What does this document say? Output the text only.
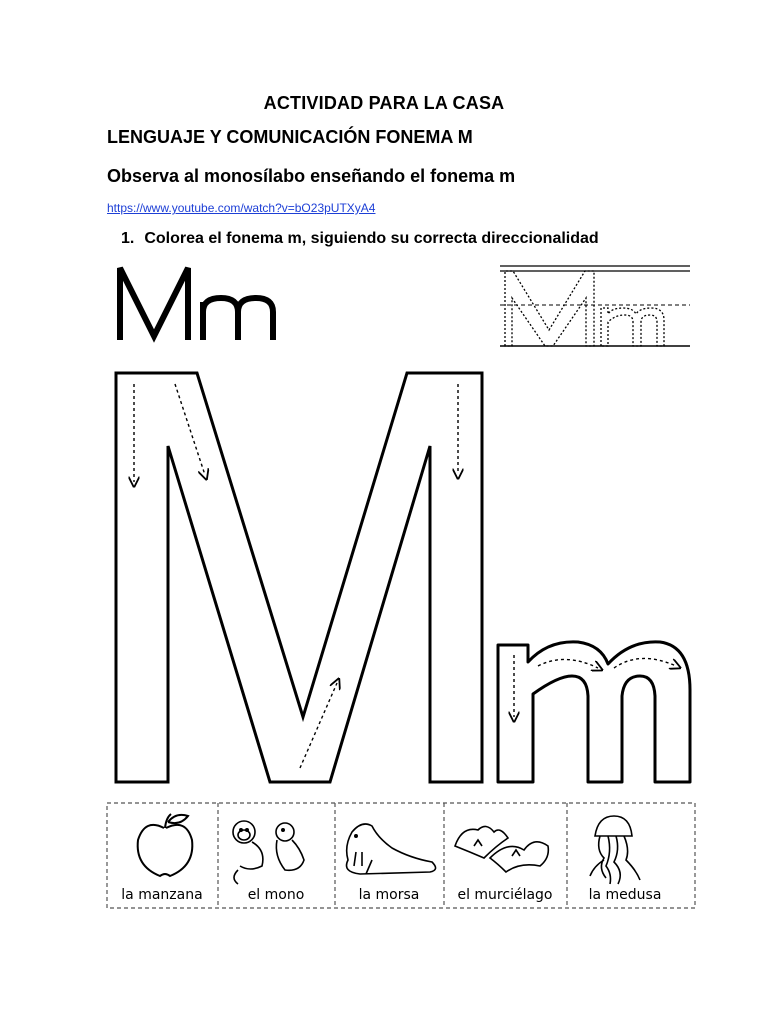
ACTIVIDAD PARA LA CASA
LENGUAJE Y COMUNICACIÓN FONEMA M
Observa al monosílabo enseñando el fonema m
https://www.youtube.com/watch?v=bO23pUTXyA4
1. Colorea el fonema m, siguiendo su correcta direccionalidad
la manzana	el mono	la morsa	el murciélago	la medusa
